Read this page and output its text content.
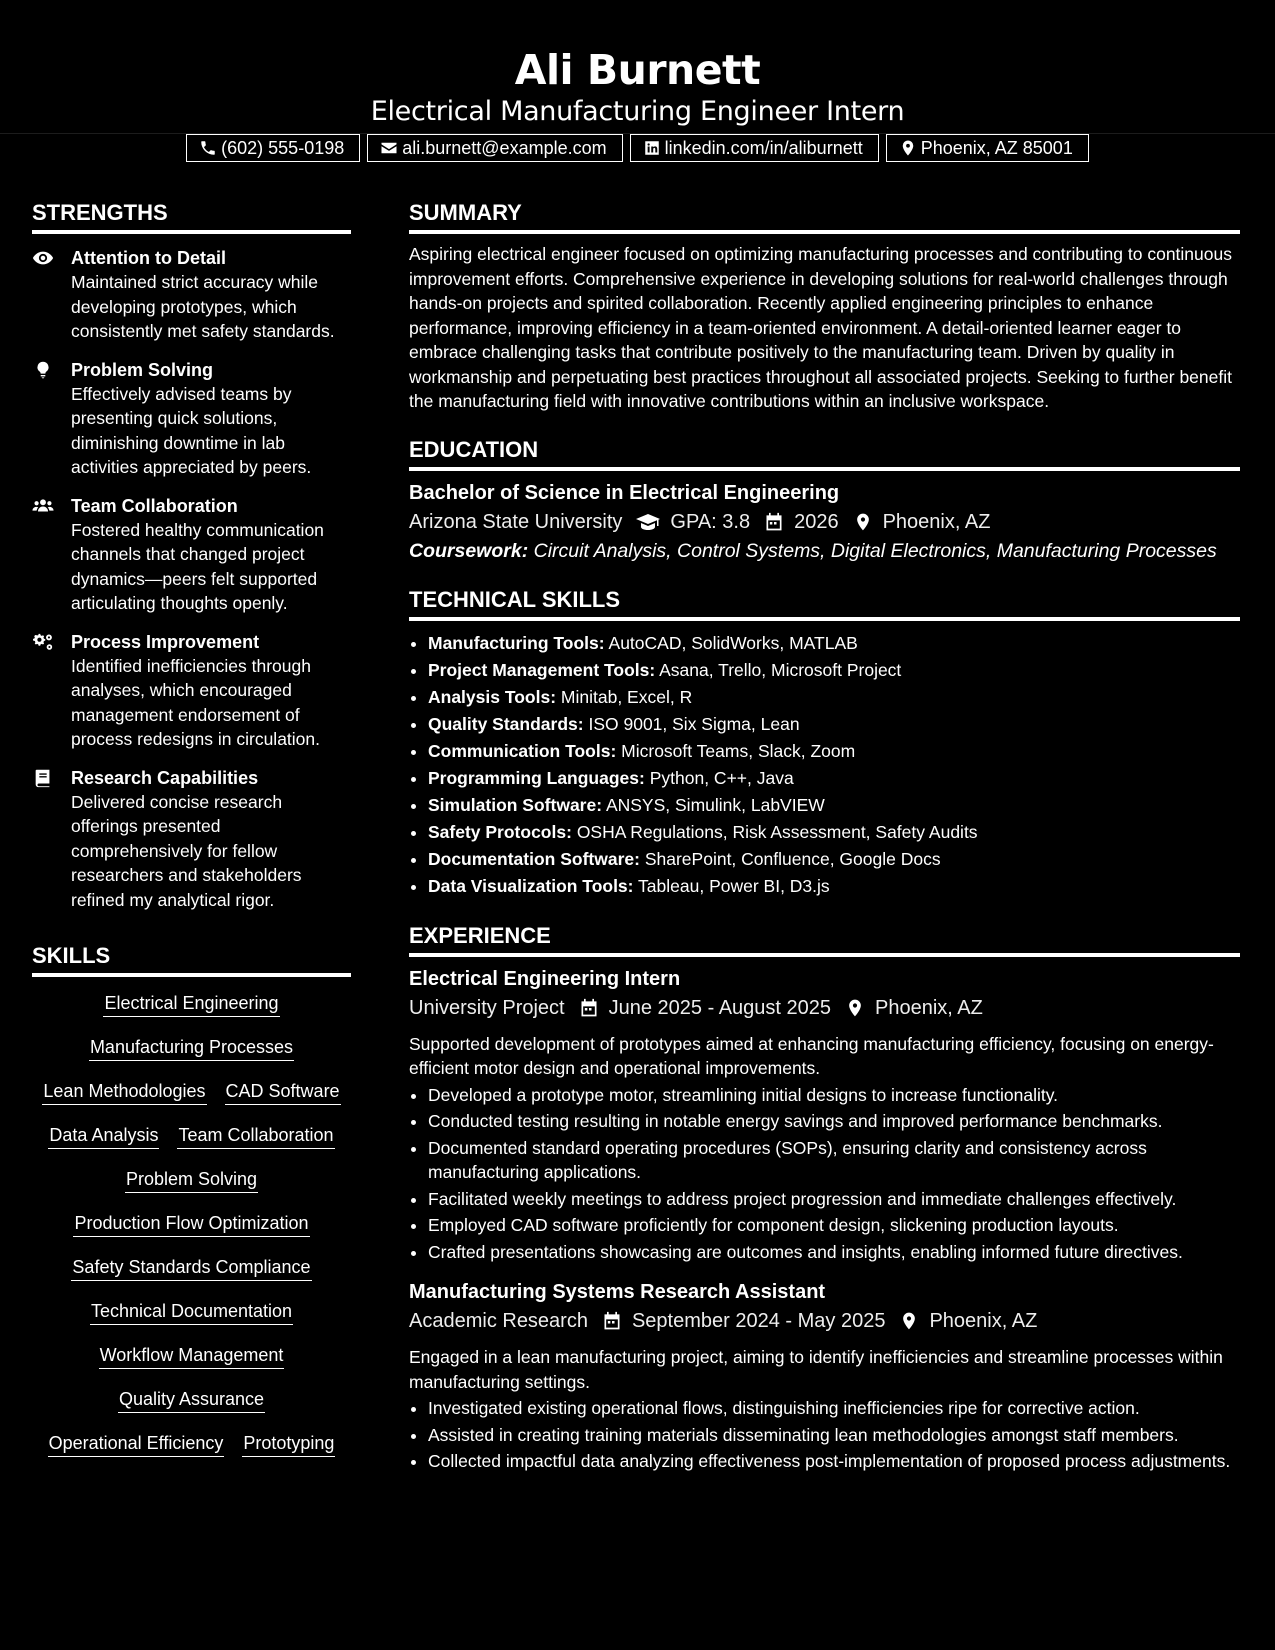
Ali Burnett
Electrical Manufacturing Engineer Intern
(602) 555-0198	ali.burnett@example.com	linkedin.com/in/aliburnett	Phoenix, AZ 85001
STRENGTHS
Attention to Detail
Maintained strict accuracy while developing prototypes, which consistently met safety standards.
Problem Solving
Effectively advised teams by presenting quick solutions, diminishing downtime in lab activities appreciated by peers.
Team Collaboration
Fostered healthy communication channels that changed project dynamics—peers felt supported articulating thoughts openly.
Process Improvement
Identified inefficiencies through analyses, which encouraged management endorsement of process redesigns in circulation.
Research Capabilities
Delivered concise research offerings presented comprehensively for fellow researchers and stakeholders refined my analytical rigor.
SKILLS
Electrical Engineering
Manufacturing Processes
Lean Methodologies CAD Software
Data Analysis Team Collaboration
Problem Solving
Production Flow Optimization
Safety Standards Compliance
Technical Documentation
Workflow Management
Quality Assurance
Operational Efficiency Prototyping
SUMMARY
Aspiring electrical engineer focused on optimizing manufacturing processes and contributing to continuous improvement efforts. Comprehensive experience in developing solutions for real-world challenges through hands-on projects and spirited collaboration. Recently applied engineering principles to enhance performance, improving efficiency in a team-oriented environment. A detail-oriented learner eager to embrace challenging tasks that contribute positively to the manufacturing team. Driven by quality in workmanship and perpetuating best practices throughout all associated projects. Seeking to further benefit the manufacturing field with innovative contributions within an inclusive workspace.
EDUCATION
Bachelor of Science in Electrical Engineering
Arizona State University GPA: 3.8 2026 Phoenix, AZ
Coursework: Circuit Analysis, Control Systems, Digital Electronics, Manufacturing Processes
TECHNICAL SKILLS
• Manufacturing Tools: AutoCAD, SolidWorks, MATLAB
• Project Management Tools: Asana, Trello, Microsoft Project
• Analysis Tools: Minitab, Excel, R
• Quality Standards: ISO 9001, Six Sigma, Lean
• Communication Tools: Microsoft Teams, Slack, Zoom
• Programming Languages: Python, C++, Java
• Simulation Software: ANSYS, Simulink, LabVIEW
• Safety Protocols: OSHA Regulations, Risk Assessment, Safety Audits
• Documentation Software: SharePoint, Confluence, Google Docs
• Data Visualization Tools: Tableau, Power BI, D3.js
EXPERIENCE
Electrical Engineering Intern
University Project June 2025 - August 2025 Phoenix, AZ
Supported development of prototypes aimed at enhancing manufacturing efficiency, focusing on energy-efficient motor design and operational improvements.
• Developed a prototype motor, streamlining initial designs to increase functionality.
• Conducted testing resulting in notable energy savings and improved performance benchmarks.
• Documented standard operating procedures (SOPs), ensuring clarity and consistency across manufacturing applications.
• Facilitated weekly meetings to address project progression and immediate challenges effectively.
• Employed CAD software proficiently for component design, slickening production layouts.
• Crafted presentations showcasing are outcomes and insights, enabling informed future directives.
Manufacturing Systems Research Assistant
Academic Research September 2024 - May 2025 Phoenix, AZ
Engaged in a lean manufacturing project, aiming to identify inefficiencies and streamline processes within manufacturing settings.
• Investigated existing operational flows, distinguishing inefficiencies ripe for corrective action.
• Assisted in creating training materials disseminating lean methodologies amongst staff members.
• Collected impactful data analyzing effectiveness post-implementation of proposed process adjustments.
